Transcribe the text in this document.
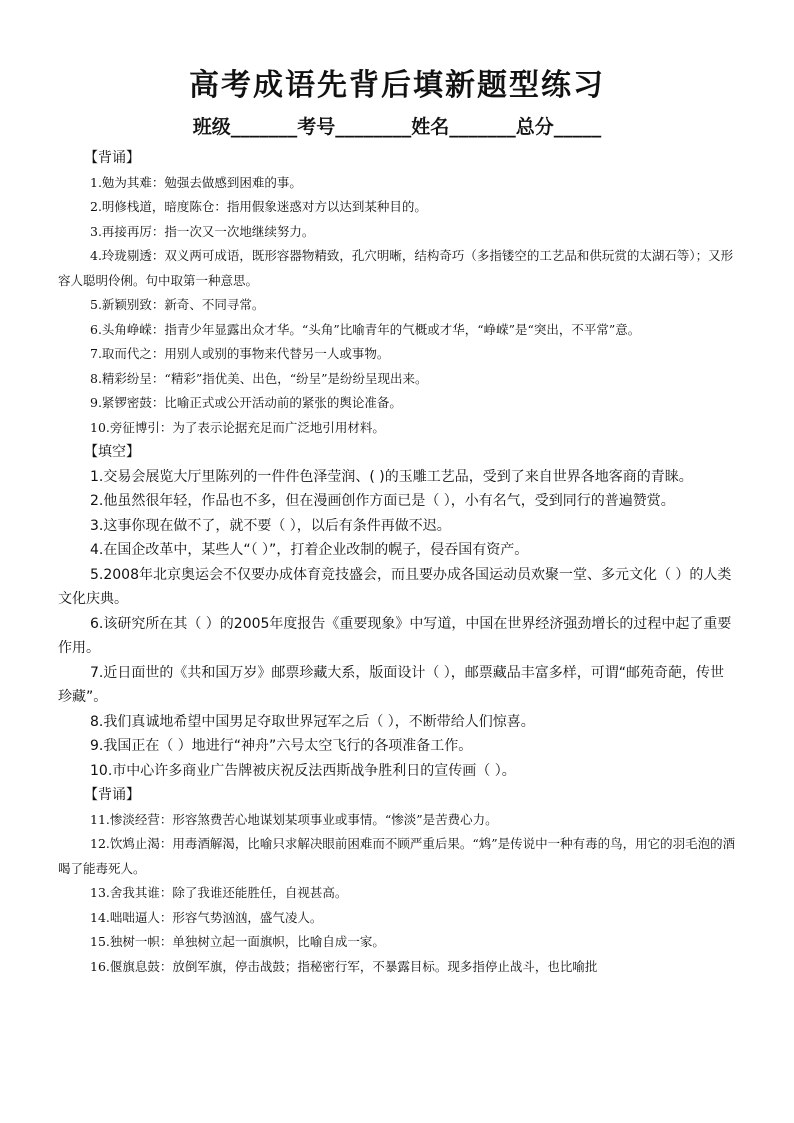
高考成语先背后填新题型练习
班级_______考号________姓名_______总分_____
【背诵】
1.勉为其难：勉强去做感到困难的事。
2.明修栈道，暗度陈仓：指用假象迷惑对方以达到某种目的。
3.再接再厉：指一次又一次地继续努力。
4.玲珑剔透：双义两可成语，既形容器物精致，孔穴明晰，结构奇巧（多指镂空的工艺品和供玩赏的太湖石等）；又形容人聪明伶俐。句中取第一种意思。
5.新颖别致：新奇、不同寻常。
6.头角峥嵘：指青少年显露出众才华。“头角”比喻青年的气概或才华，“峥嵘”是“突出，不平常”意。
7.取而代之：用别人或别的事物来代替另一人或事物。
8.精彩纷呈：“精彩”指优美、出色，“纷呈”是纷纷呈现出来。
9.紧锣密鼓：比喻正式或公开活动前的紧张的舆论准备。
10.旁征博引：为了表示论据充足而广泛地引用材料。
【填空】
1.交易会展览大厅里陈列的一件件色泽莹润、( )的玉雕工艺品，受到了来自世界各地客商的青睐。
2.他虽然很年轻，作品也不多，但在漫画创作方面已是（ ），小有名气，受到同行的普遍赞赏。
3.这事你现在做不了，就不要（ ），以后有条件再做不迟。
4.在国企改革中，某些人“（ ）”，打着企业改制的幌子，侵吞国有资产。
5.2008年北京奥运会不仅要办成体育竞技盛会，而且要办成各国运动员欢聚一堂、多元文化（ ）的人类文化庆典。
6.该研究所在其（ ）的2005年度报告《重要现象》中写道，中国在世界经济强劲增长的过程中起了重要作用。
7.近日面世的《共和国万岁》邮票珍藏大系，版面设计（ ），邮票藏品丰富多样，可谓“邮苑奇葩，传世珍藏”。
8.我们真诚地希望中国男足夺取世界冠军之后（ ），不断带给人们惊喜。
9.我国正在（ ）地进行“神舟”六号太空飞行的各项准备工作。
10.市中心许多商业广告牌被庆祝反法西斯战争胜利日的宣传画（ ）。
【背诵】
11.惨淡经营：形容煞费苦心地谋划某项事业或事情。“惨淡”是苦费心力。
12.饮鸩止渴：用毒酒解渴，比喻只求解决眼前困难而不顾严重后果。“鸩”是传说中一种有毒的鸟，用它的羽毛泡的酒喝了能毒死人。
13.舍我其谁：除了我谁还能胜任，自视甚高。
14.咄咄逼人：形容气势汹汹，盛气凌人。
15.独树一帜：单独树立起一面旗帜，比喻自成一家。
16.偃旗息鼓：放倒军旗，停击战鼓；指秘密行军，不暴露目标。现多指停止战斗，也比喻批
